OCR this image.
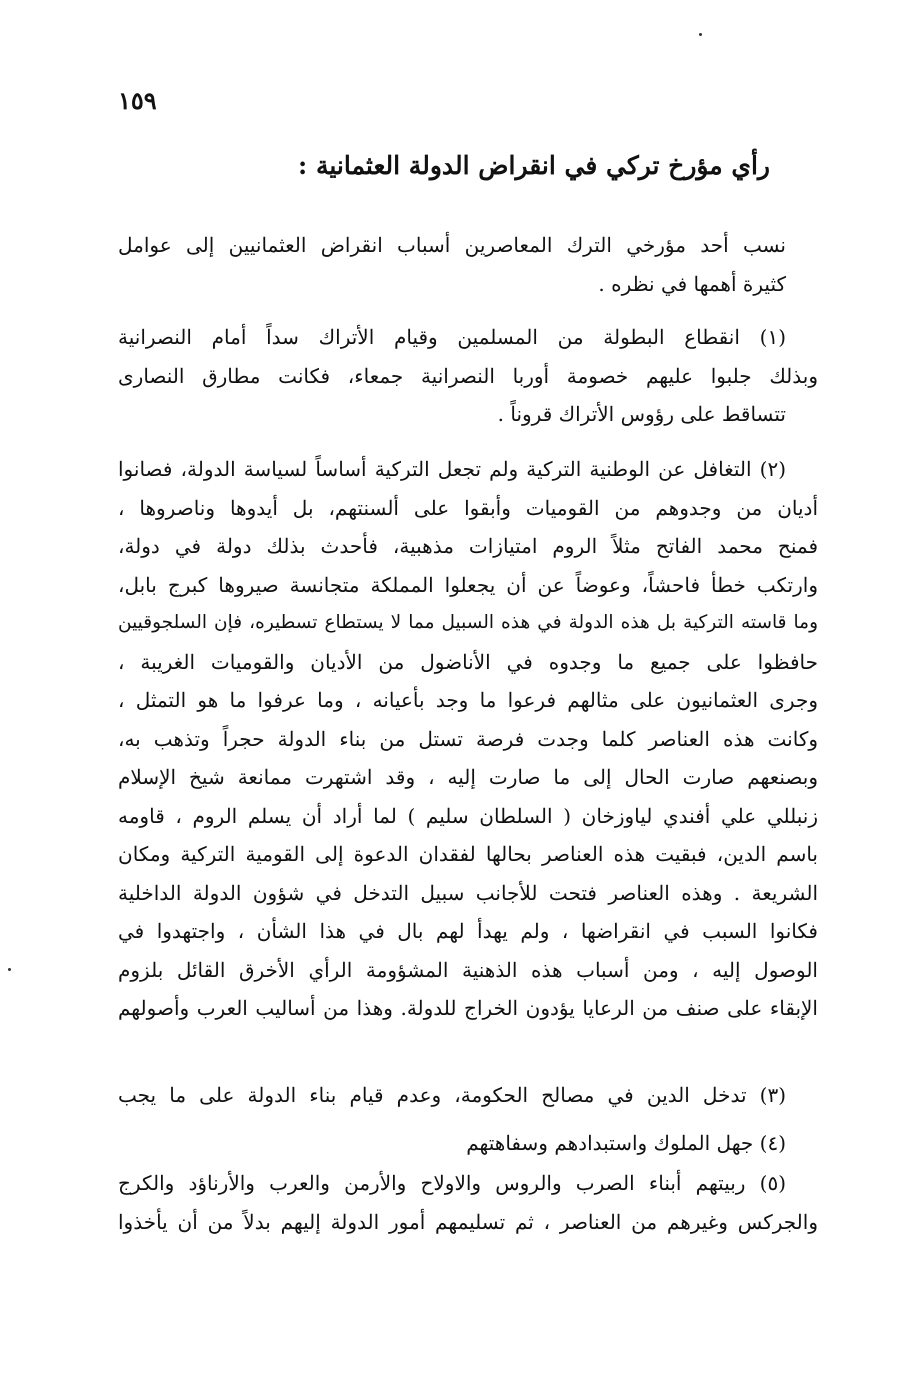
١٥٩
رأي مؤرخ تركي في انقراض الدولة العثمانية :
نسب أحد مؤرخي الترك المعاصرين أسباب انقراض العثمانيين إلى عوامل
كثيرة أهمها في نظره .
(١) انقطاع البطولة من المسلمين وقيام الأتراك سداً أمام النصرانية
وبذلك جلبوا عليهم خصومة أوربا النصرانية جمعاء، فكانت مطارق النصارى
تتساقط على رؤوس الأتراك قروناً .
(٢) التغافل عن الوطنية التركية ولم تجعل التركية أساساً لسياسة الدولة، فصانوا
أديان من وجدوهم من القوميات وأبقوا على ألسنتهم، بل أيدوها وناصروها ،
فمنح محمد الفاتح مثلاً الروم امتيازات مذهبية، فأحدث بذلك دولة في دولة،
وارتكب خطأ فاحشاً، وعوضاً عن أن يجعلوا المملكة متجانسة صيروها كبرج بابل،
وما قاسته التركية بل هذه الدولة في هذه السبيل مما لا يستطاع تسطيره، فإن السلجوقيين
حافظوا على جميع ما وجدوه في الأناضول من الأديان والقوميات الغريبة ،
وجرى العثمانيون على مثالهم فرعوا ما وجد بأعيانه ، وما عرفوا ما هو التمثل ،
وكانت هذه العناصر كلما وجدت فرصة تستل من بناء الدولة حجراً وتذهب به،
وبصنعهم صارت الحال إلى ما صارت إليه ، وقد اشتهرت ممانعة شيخ الإسلام
زنبللي علي أفندي لياوزخان ( السلطان سليم ) لما أراد أن يسلم الروم ، قاومه
باسم الدين، فبقيت هذه العناصر بحالها لفقدان الدعوة إلى القومية التركية ومكان
الشريعة . وهذه العناصر فتحت للأجانب سبيل التدخل في شؤون الدولة الداخلية
فكانوا السبب في انقراضها ، ولم يهدأ لهم بال في هذا الشأن ، واجتهدوا في
الوصول إليه ، ومن أسباب هذه الذهنية المشؤومة الرأي الأخرق القائل بلزوم
الإبقاء على صنف من الرعايا يؤدون الخراج للدولة. وهذا من أساليب العرب وأصولهم
(٣) تدخل الدين في مصالح الحكومة، وعدم قيام بناء الدولة على ما يجب
(٤) جهل الملوك واستبدادهم وسفاهتهم
(٥) ربيتهم أبناء الصرب والروس والاولاح والأرمن والعرب والأرناؤد والكرج
والجركس وغيرهم من العناصر ، ثم تسليمهم أمور الدولة إليهم بدلاً من أن يأخذوا
